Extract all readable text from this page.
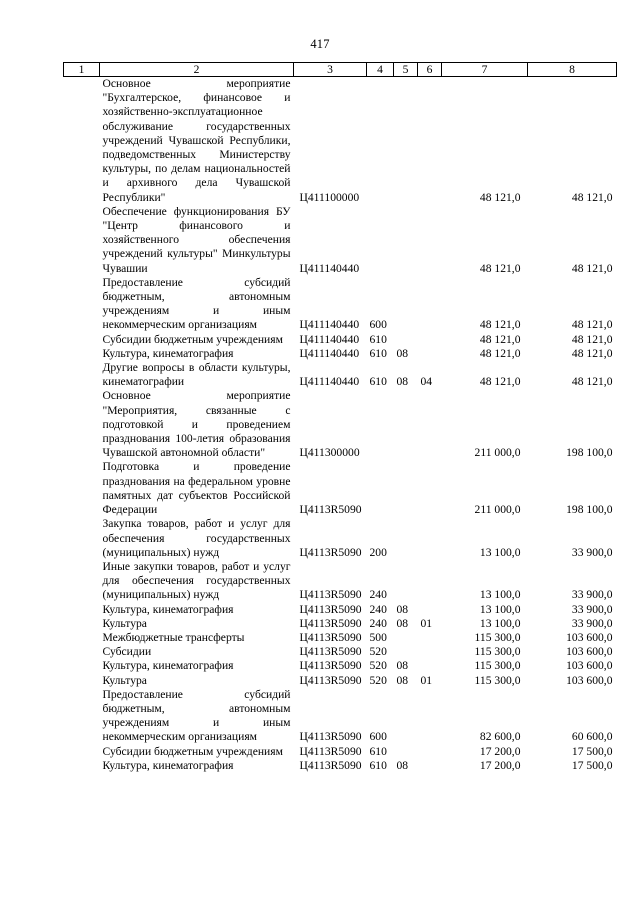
417
1	2	3	4	5	6	7	8
	Основное мероприятие "Бухгалтерское, финансовое и хозяйственно-эксплуатационное обслуживание государственных учреждений Чувашской Республики, подведомственных Министерству культуры, по делам национальностей и архивного дела Чувашской Республики"	Ц411100000				48 121,0	48 121,0
	Обеспечение функционирования БУ "Центр финансового и хозяйственного обеспечения учреждений культуры" Минкультуры Чувашии	Ц411140440				48 121,0	48 121,0
	Предоставление субсидий бюджетным, автономным учреждениям и иным некоммерческим организациям	Ц411140440	600			48 121,0	48 121,0
	Субсидии бюджетным учреждениям	Ц411140440	610			48 121,0	48 121,0
	Культура, кинематография	Ц411140440	610	08		48 121,0	48 121,0
	Другие вопросы в области культуры, кинематографии	Ц411140440	610	08	04	48 121,0	48 121,0
	Основное мероприятие "Мероприятия, связанные с подготовкой и проведением празднования 100-летия образования Чувашской автономной области"	Ц411300000				211 000,0	198 100,0
	Подготовка и проведение празднования на федеральном уровне памятных дат субъектов Российской Федерации	Ц4113R5090				211 000,0	198 100,0
	Закупка товаров, работ и услуг для обеспечения государственных (муниципальных) нужд	Ц4113R5090	200			13 100,0	33 900,0
	Иные закупки товаров, работ и услуг для обеспечения государственных (муниципальных) нужд	Ц4113R5090	240			13 100,0	33 900,0
	Культура, кинематография	Ц4113R5090	240	08		13 100,0	33 900,0
	Культура	Ц4113R5090	240	08	01	13 100,0	33 900,0
	Межбюджетные трансферты	Ц4113R5090	500			115 300,0	103 600,0
	Субсидии	Ц4113R5090	520			115 300,0	103 600,0
	Культура, кинематография	Ц4113R5090	520	08		115 300,0	103 600,0
	Культура	Ц4113R5090	520	08	01	115 300,0	103 600,0
	Предоставление субсидий бюджетным, автономным учреждениям и иным некоммерческим организациям	Ц4113R5090	600			82 600,0	60 600,0
	Субсидии бюджетным учреждениям	Ц4113R5090	610			17 200,0	17 500,0
	Культура, кинематография	Ц4113R5090	610	08		17 200,0	17 500,0
